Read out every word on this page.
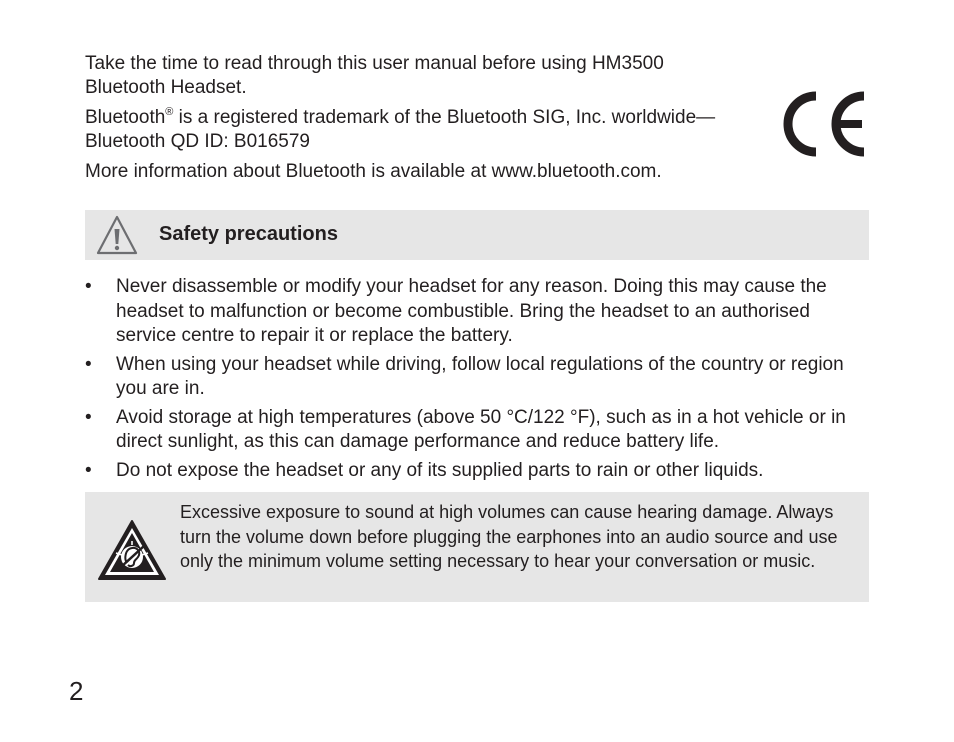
Take the time to read through this user manual before using HM3500 Bluetooth Headset.

Bluetooth® is a registered trademark of the Bluetooth SIG, Inc. worldwide—Bluetooth QD ID: B016579

More information about Bluetooth is available at www.bluetooth.com.

Safety precautions
• Never disassemble or modify your headset for any reason. Doing this may cause the headset to malfunction or become combustible. Bring the headset to an authorised service centre to repair it or replace the battery.
• When using your headset while driving, follow local regulations of the country or region you are in.
• Avoid storage at high temperatures (above 50 °C/122 °F), such as in a hot vehicle or in direct sunlight, as this can damage performance and reduce battery life.
• Do not expose the headset or any of its supplied parts to rain or other liquids.
Excessive exposure to sound at high volumes can cause hearing damage. Always turn the volume down before plugging the earphones into an audio source and use only the minimum volume setting necessary to hear your conversation or music.
2
